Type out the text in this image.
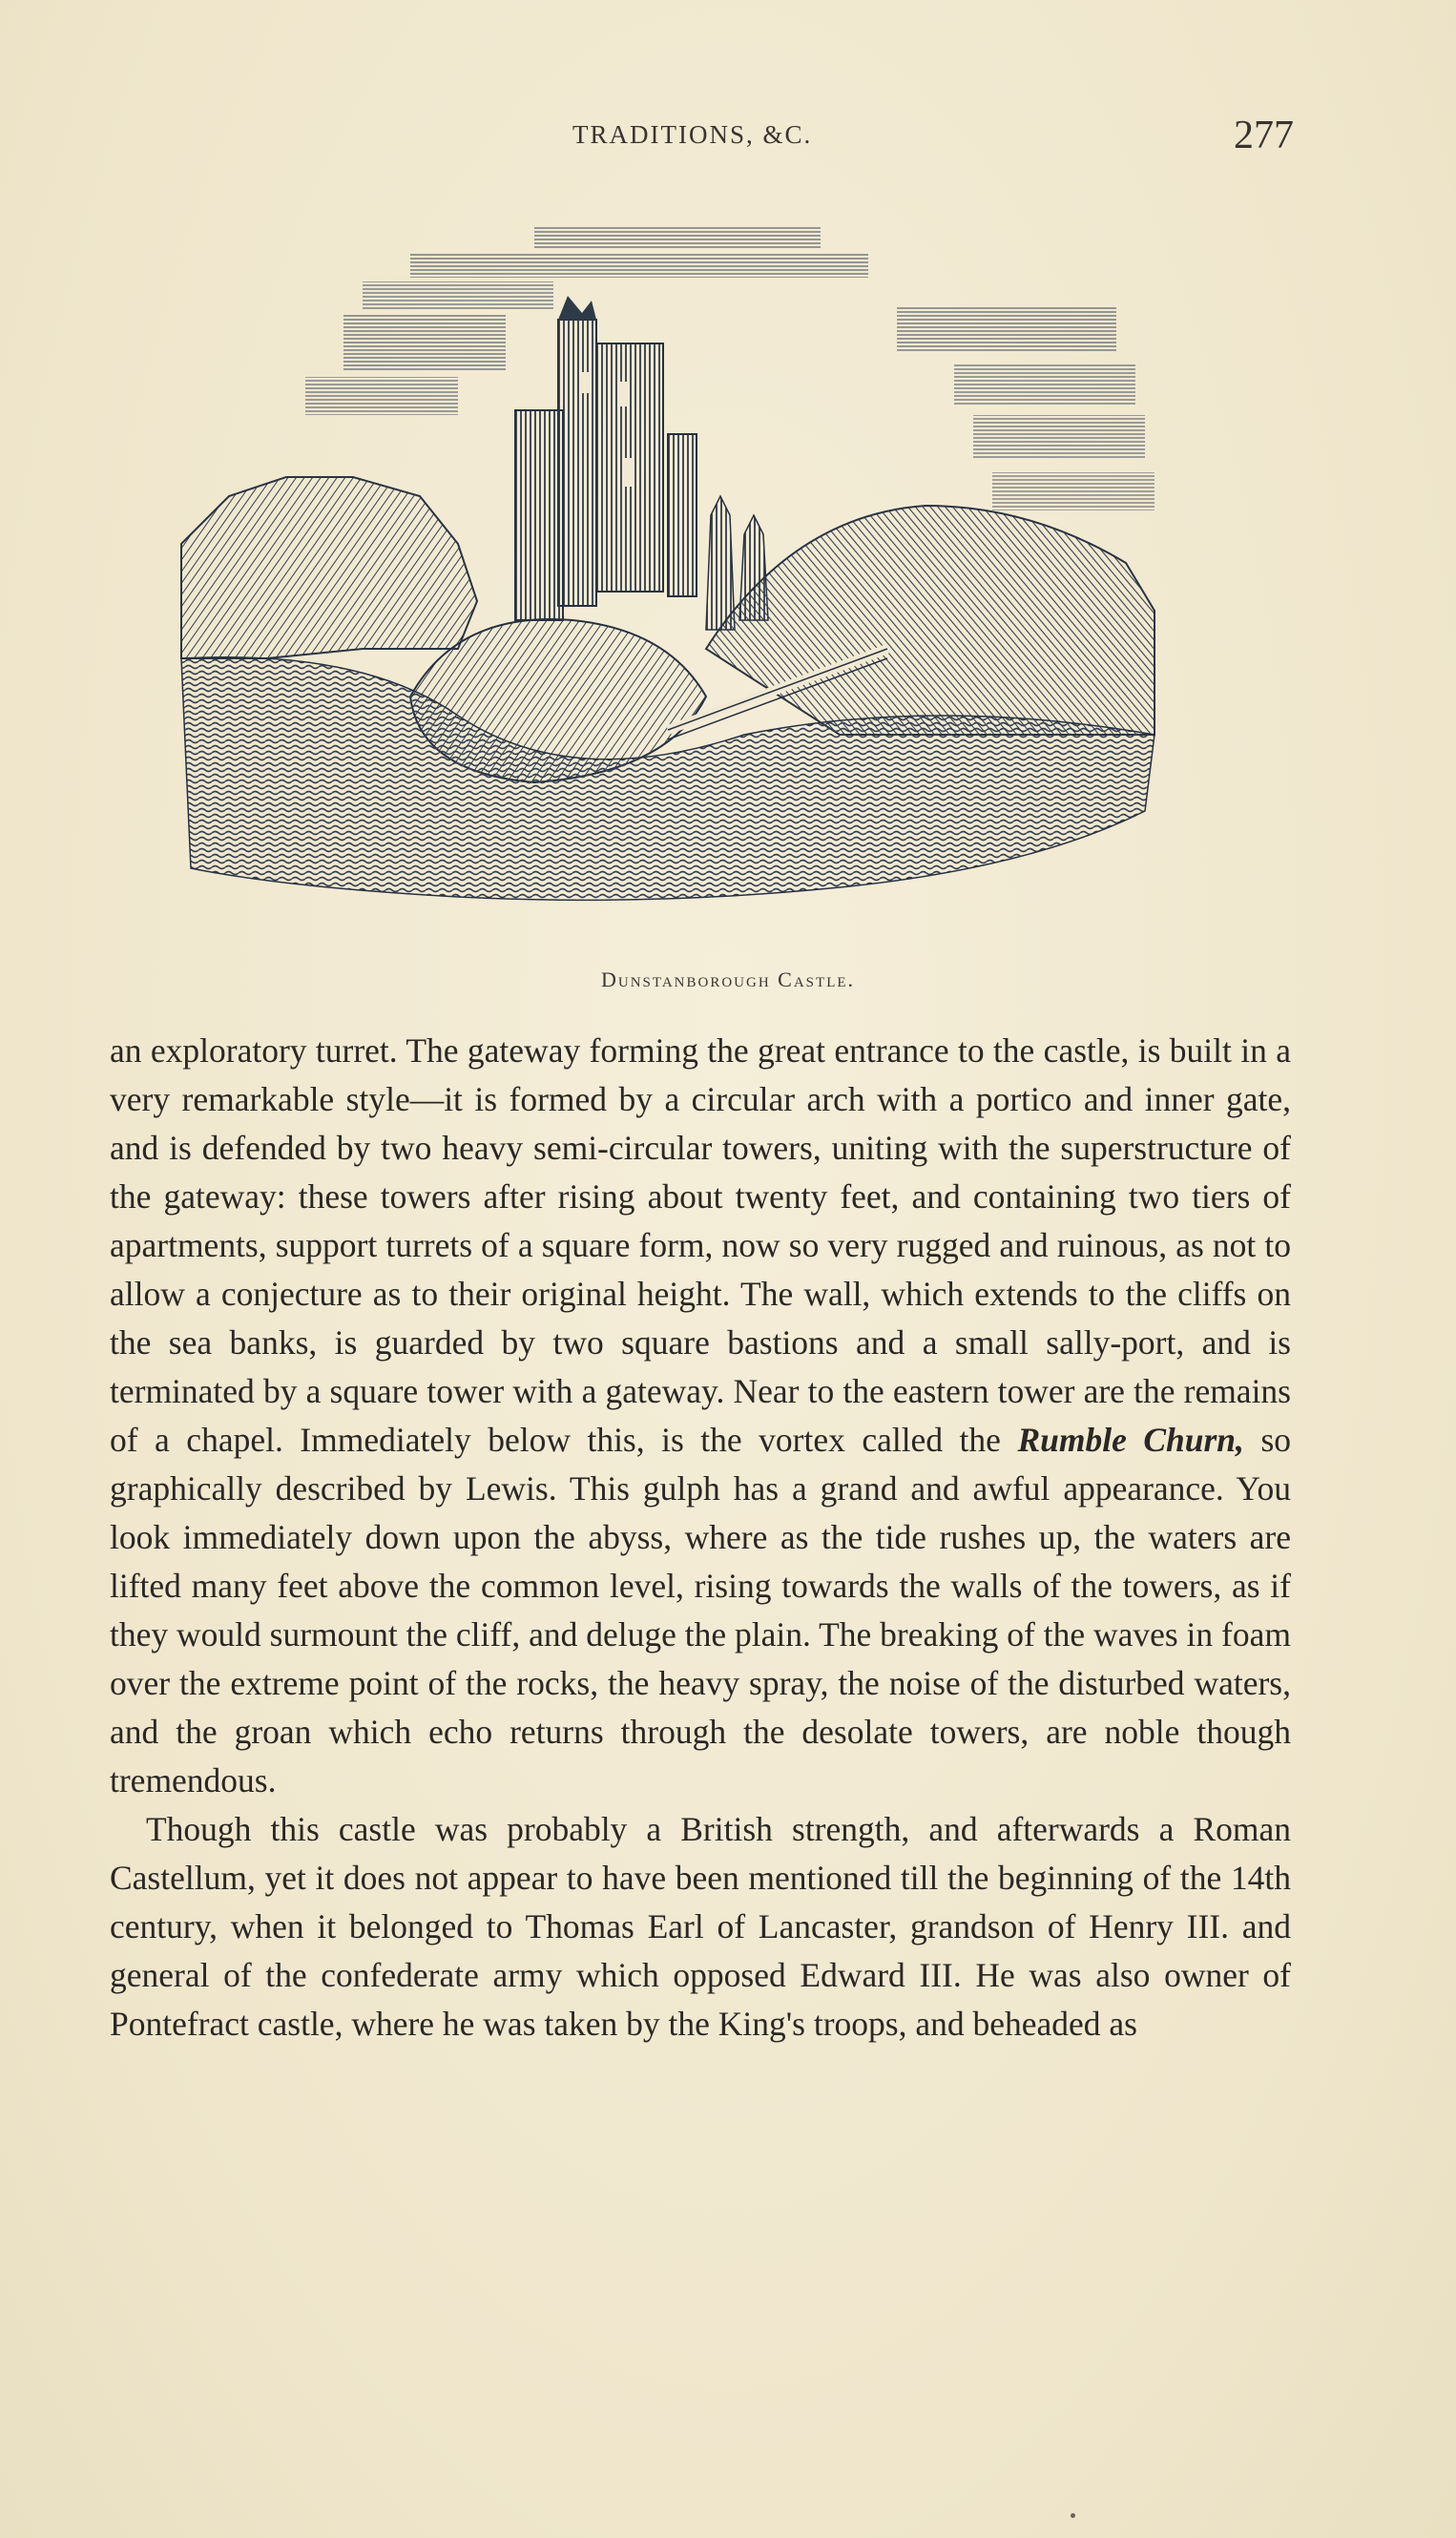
TRADITIONS, &C.	277
Dunstanborough Castle.

an exploratory turret. The gateway forming the great entrance to the castle, is built in a very remarkable style—it is formed by a circular arch with a portico and inner gate, and is defended by two heavy semi-circular towers, uniting with the superstructure of the gateway: these towers after rising about twenty feet, and containing two tiers of apartments, support turrets of a square form, now so very rugged and ruinous, as not to allow a conjecture as to their original height. The wall, which extends to the cliffs on the sea banks, is guarded by two square bastions and a small sally-port, and is terminated by a square tower with a gateway. Near to the eastern tower are the remains of a chapel. Immediately below this, is the vortex called the Rumble Churn, so graphically described by Lewis. This gulph has a grand and awful appearance. You look immediately down upon the abyss, where as the tide rushes up, the waters are lifted many feet above the common level, rising towards the walls of the towers, as if they would surmount the cliff, and deluge the plain. The breaking of the waves in foam over the extreme point of the rocks, the heavy spray, the noise of the disturbed waters, and the groan which echo returns through the desolate towers, are noble though tremendous.

Though this castle was probably a British strength, and afterwards a Roman Castellum, yet it does not appear to have been mentioned till the beginning of the 14th century, when it belonged to Thomas Earl of Lancaster, grandson of Henry III. and general of the confederate army which opposed Edward III. He was also owner of Pontefract castle, where he was taken by the King's troops, and beheaded as
